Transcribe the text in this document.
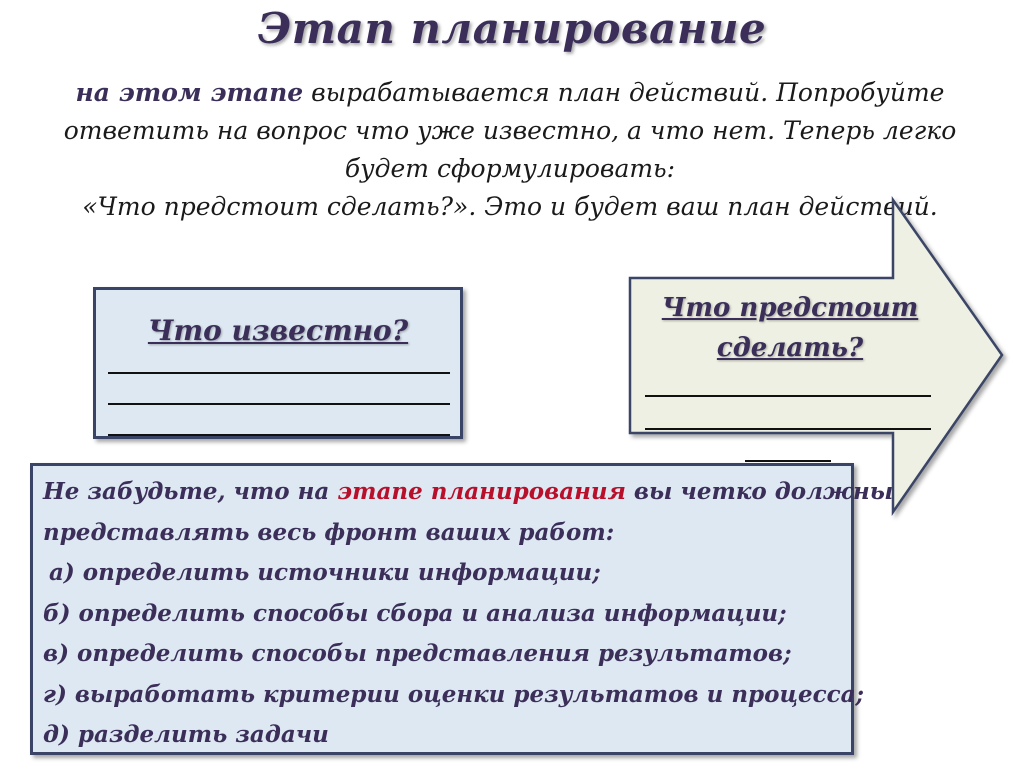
Этап планирование

на этом этапе вырабатывается план действий. Попробуйте ответить на вопрос что уже известно, а что нет. Теперь легко будет сформулировать:
«Что предстоит сделать?». Это и будет ваш план действий.

Что предстоит сделать?
Что известно?
Не забудьте, что на этапе планирования вы четко должны
представлять весь фронт ваших работ:
а) определить источники информации;
б) определить способы сбора и анализа информации;
в) определить способы представления результатов;
г) выработать критерии оценки результатов и процесса;
д) разделить задачи
